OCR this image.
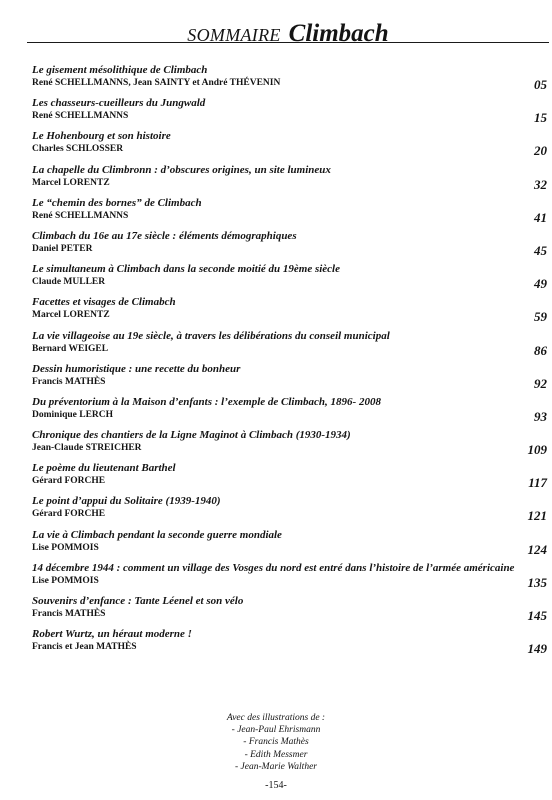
SOMMAIRE Climbach
Le gisement mésolithique de Climbach
René SCHELLMANNS, Jean SAINTY et André THÉVENIN	05
Les chasseurs-cueilleurs du Jungwald
René SCHELLMANNS	15
Le Hohenbourg et son histoire
Charles SCHLOSSER	20
La chapelle du Climbronn : d’obscures origines, un site lumineux
Marcel LORENTZ	32
Le “chemin des bornes” de Climbach
René SCHELLMANNS	41
Climbach du 16e au 17e siècle : éléments démographiques
Daniel PETER	45
Le simultaneum à Climbach dans la seconde moitié du 19ème siècle
Claude MULLER	49
Facettes et visages de Climabch
Marcel LORENTZ	59
La vie villageoise au 19e siècle, à travers les délibérations du conseil municipal
Bernard WEIGEL	86
Dessin humoristique : une recette du bonheur
Francis MATHÈS	92
Du préventorium à la Maison d’enfants : l’exemple de Climbach, 1896- 2008
Dominique LERCH	93
Chronique des chantiers de la Ligne Maginot à Climbach (1930-1934)
Jean-Claude STREICHER	109
Le poème du lieutenant Barthel
Gérard FORCHE	117
Le point d’appui du Solitaire (1939-1940)
Gérard FORCHE	121
La vie à Climbach pendant la seconde guerre mondiale
Lise POMMOIS	124
14 décembre 1944 : comment un village des Vosges du nord est entré dans l’histoire de l’armée américaine
Lise POMMOIS	135
Souvenirs d’enfance : Tante Léenel et son vélo
Francis MATHÈS	145
Robert Wurtz, un héraut moderne !
Francis et Jean MATHÈS	149
Avec des illustrations de :
- Jean-Paul Ehrismann
- Francis Mathès
- Edith Messmer
- Jean-Marie Walther
-154-
